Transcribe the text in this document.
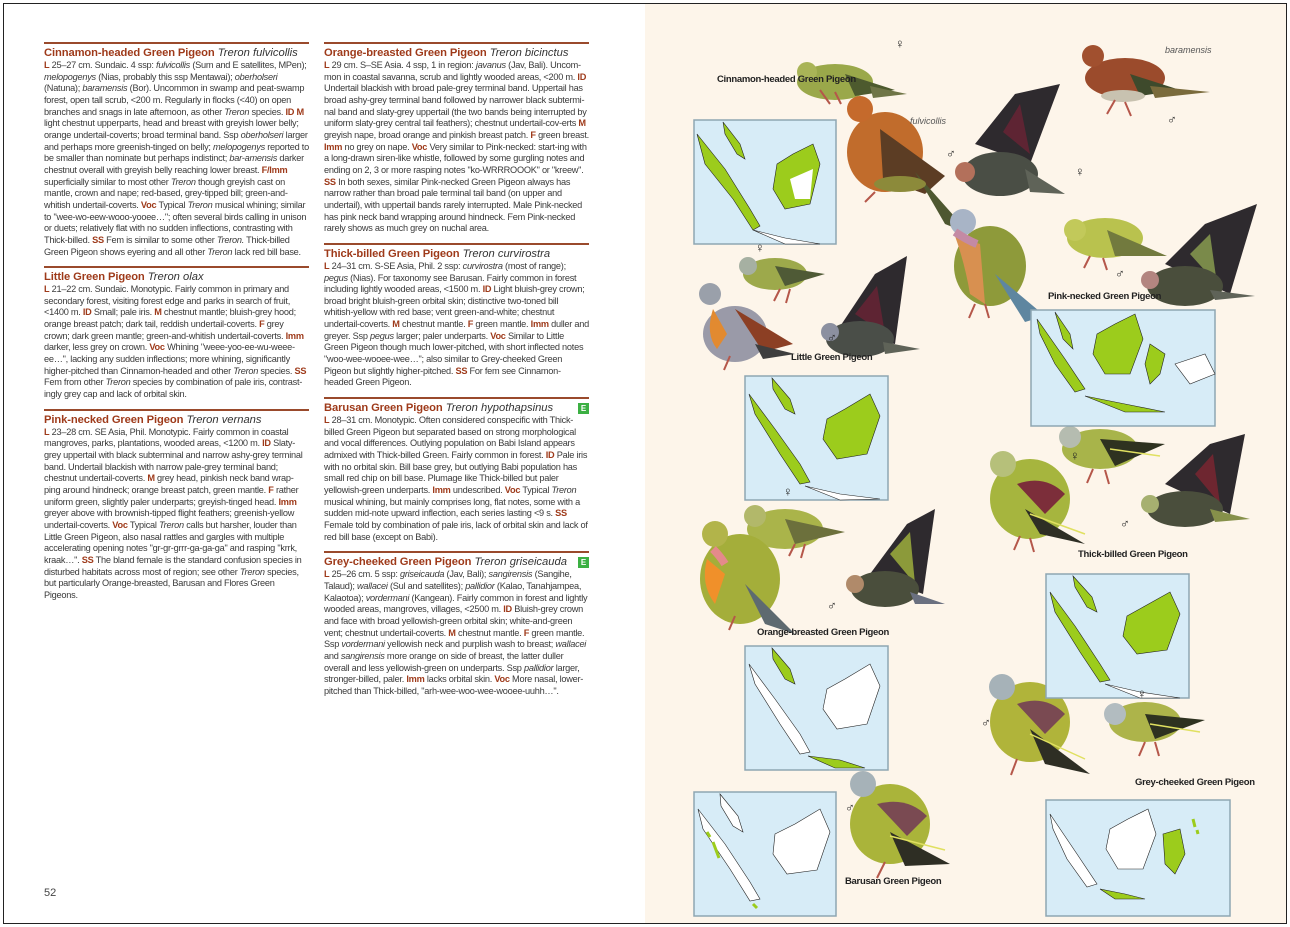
Cinnamon-headed Green Pigeon Treron fulvicollis
L 25–27 cm. Sundaic. 4 ssp: fulvicollis (Sum and E satellites, MPen); melopogenys (Nias, probably this ssp Mentawai); oberholseri (Natuna); baramensis (Bor). Uncommon in swamp and peat-swamp forest, open tall scrub, <200 m. Regularly in flocks (<40) on open branches and snags in late afternoon, as other Treron species. ID M light chestnut upperparts, head and breast with greyish lower belly; orange undertail-coverts; broad terminal band. Ssp oberholseri larger and perhaps more greenish-tinged on belly; melopogenys reported to be smaller than nominate but perhaps indistinct; bar-amensis darker chestnut overall with greyish belly reaching lower breast. F/Imm superficially similar to most other Treron though greyish cast on mantle, crown and nape; red-based, grey-tipped bill; green-and-whitish undertail-coverts. Voc Typical Treron musical whining; similar to "wee-wo-eew-wooo-yooee…"; often several birds calling in unison or duets; relatively flat with no sudden inflections, contrasting with Thick-billed. SS Fem is similar to some other Treron. Thick-billed Green Pigeon shows eyering and all other Treron lack red bill base.
Little Green Pigeon Treron olax
L 21–22 cm. Sundaic. Monotypic. Fairly common in primary and secondary forest, visiting forest edge and parks in search of fruit, <1400 m. ID Small; pale iris. M chestnut mantle; bluish-grey hood; orange breast patch; dark tail, reddish undertail-coverts. F grey crown; dark green mantle; green-and-whitish undertail-coverts. Imm darker, less grey on crown. Voc Whining "weee-yoo-ee-wu-weee-ee…", lacking any sudden inflections; more whining, significantly higher-pitched than Cinnamon-headed and other Treron species. SS Fem from other Treron species by combination of pale iris, contrast-ingly grey cap and lack of orbital skin.
Pink-necked Green Pigeon Treron vernans
L 23–28 cm. SE Asia, Phil. Monotypic. Fairly common in coastal mangroves, parks, plantations, wooded areas, <1200 m. ID Slaty-grey uppertail with black subterminal and narrow ashy-grey terminal band. Undertail blackish with narrow pale-grey terminal band; chestnut undertail-coverts. M grey head, pinkish neck band wrap-ping around hindneck; orange breast patch, green mantle. F rather uniform green, slightly paler underparts; greyish-tinged head. Imm greyer above with brownish-tipped flight feathers; greenish-yellow undertail-coverts. Voc Typical Treron calls but harsher, louder than Little Green Pigeon, also nasal rattles and gargles with multiple accelerating opening notes "gr-gr-grrr-ga-ga-ga" and rasping "krrk, kraak…". SS The bland female is the standard confusion species in disturbed habitats across most of region; see other Treron species, but particularly Orange-breasted, Barusan and Flores Green Pigeons.
Orange-breasted Green Pigeon Treron bicinctus
L 29 cm. S–SE Asia. 4 ssp, 1 in region: javanus (Jav, Bali). Uncom-mon in coastal savanna, scrub and lightly wooded areas, <200 m. ID Undertail blackish with broad pale-grey terminal band. Uppertail has broad ashy-grey terminal band followed by narrower black subtermi-nal band and slaty-grey uppertail (the two bands being interrupted by uniform slaty-grey central tail feathers); chestnut undertail-cov-erts M greyish nape, broad orange and pinkish breast patch. F green breast. Imm no grey on nape. Voc Very similar to Pink-necked: start-ing with a long-drawn siren-like whistle, followed by some gurgling notes and ending on 2, 3 or more rasping notes "ko-WRRROOOK" or "kreew". SS In both sexes, similar Pink-necked Green Pigeon always has narrow rather than broad pale terminal tail band (on upper and undertail), with uppertail bands rarely interrupted. Male Pink-necked has pink neck band wrapping around hindneck. Fem Pink-necked rarely shows as much grey on nuchal area.
Thick-billed Green Pigeon Treron curvirostra
L 24–31 cm. S-SE Asia, Phil. 2 ssp: curvirostra (most of range); pegus (Nias). For taxonomy see Barusan. Fairly common in forest including lightly wooded areas, <1500 m. ID Light bluish-grey crown; broad bright bluish-green orbital skin; distinctive two-toned bill whitish-yellow with red base; vent green-and-white; chestnut undertail-coverts. M chestnut mantle. F green mantle. Imm duller and greyer. Ssp pegus larger; paler underparts. Voc Similar to Little Green Pigeon though much lower-pitched, with short inflected notes "woo-wee-wooee-wee…"; also similar to Grey-cheeked Green Pigeon but slightly higher-pitched. SS For fem see Cinnamon-headed Green Pigeon.
Barusan Green Pigeon Treron hypothapsinus	E
L 28–31 cm. Monotypic. Often considered conspecific with Thick-billed Green Pigeon but separated based on strong morphological and vocal differences. Outlying population on Babi Island appears admixed with Thick-billed Green. Fairly common in forest. ID Pale iris with no orbital skin. Bill base grey, but outlying Babi population has small red chip on bill base. Plumage like Thick-billed but paler yellowish-green underparts. Imm undescribed. Voc Typical Treron musical whining, but mainly comprises long, flat notes, some with a sudden mid-note upward inflection, each series lasting <9 s. SS Female told by combination of pale iris, lack of orbital skin and lack of red bill base (except on Babi).
Grey-cheeked Green Pigeon Treron griseicauda	E
L 25–26 cm. 5 ssp: griseicauda (Jav, Bali); sangirensis (Sangihe, Talaud); wallacei (Sul and satellites); pallidior (Kalao, Tanahjampea, Kalaotoa); vordermani (Kangean). Fairly common in forest and lightly wooded areas, mangroves, villages, <2500 m. ID Bluish-grey crown and face with broad yellowish-green orbital skin; white-and-green vent; chestnut undertail-coverts. M chestnut mantle. F green mantle. Ssp vordermani yellowish neck and purplish wash to breast; wallacei and sangirensis more orange on side of breast, the latter duller overall and less yellowish-green on underparts. Ssp pallidior larger, stronger-billed, paler. Imm lacks orbital skin. Voc More nasal, lower-pitched than Thick-billed, "arh-wee-woo-wee-wooee-uuhh…".
52
Cinnamon-headed Green Pigeon
baramensis
fulvicollis
♀
♂
♂
♀
♂
Pink-necked Green Pigeon
♀
♂
Little Green Pigeon
♀
♂
Thick-billed Green Pigeon
♀
♂
Orange-breasted Green Pigeon
♂
♀
Grey-cheeked Green Pigeon
♂
Barusan Green Pigeon
